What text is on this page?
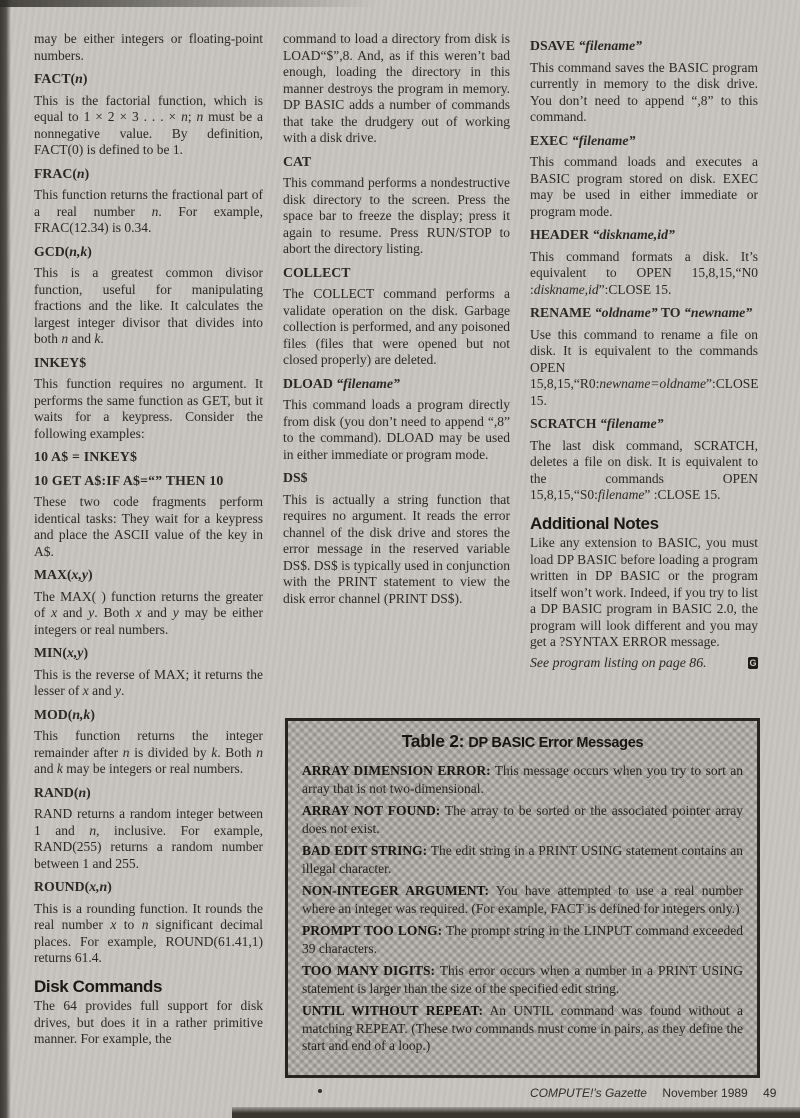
may be either integers or floating-point numbers.

FACT(n)

This is the factorial function, which is equal to 1 × 2 × 3 . . . × n; n must be a nonnegative value. By definition, FACT(0) is defined to be 1.

FRAC(n)

This function returns the fractional part of a real number n. For example, FRAC(12.34) is 0.34.

GCD(n,k)

This is a greatest common divisor function, useful for manipulating fractions and the like. It calculates the largest integer divisor that divides into both n and k.

INKEY$

This function requires no argument. It performs the same function as GET, but it waits for a keypress. Consider the following examples:

10 A$ = INKEY$

10 GET A$:IF A$=“” THEN 10

These two code fragments perform identical tasks: They wait for a keypress and place the ASCII value of the key in A$.

MAX(x,y)

The MAX( ) function returns the greater of x and y. Both x and y may be either integers or real numbers.

MIN(x,y)

This is the reverse of MAX; it returns the lesser of x and y.

MOD(n,k)

This function returns the integer remainder after n is divided by k. Both n and k may be integers or real numbers.

RAND(n)

RAND returns a random integer between 1 and n, inclusive. For example, RAND(255) returns a random number between 1 and 255.

ROUND(x,n)

This is a rounding function. It rounds the real number x to n significant decimal places. For example, ROUND(61.41,1) returns 61.4.

Disk Commands

The 64 provides full support for disk drives, but does it in a rather primitive manner. For example, the

command to load a directory from disk is LOAD“$”,8. And, as if this weren’t bad enough, loading the directory in this manner destroys the program in memory. DP BASIC adds a number of commands that take the drudgery out of working with a disk drive.

CAT

This command performs a nondestructive disk directory to the screen. Press the space bar to freeze the display; press it again to resume. Press RUN/STOP to abort the directory listing.

COLLECT

The COLLECT command performs a validate operation on the disk. Garbage collection is performed, and any poisoned files (files that were opened but not closed properly) are deleted.

DLOAD “filename”

This command loads a program directly from disk (you don’t need to append “,8” to the command). DLOAD may be used in either immediate or program mode.

DS$

This is actually a string function that requires no argument. It reads the error channel of the disk drive and stores the error message in the reserved variable DS$. DS$ is typically used in conjunction with the PRINT statement to view the disk error channel (PRINT DS$).

DSAVE “filename”

This command saves the BASIC program currently in memory to the disk drive. You don’t need to append “,8” to this command.

EXEC “filename”

This command loads and executes a BASIC program stored on disk. EXEC may be used in either immediate or program mode.

HEADER “diskname,id”

This command formats a disk. It’s equivalent to OPEN 15,8,15,“N0 :diskname,id”:CLOSE 15.

RENAME “oldname” TO “newname”

Use this command to rename a file on disk. It is equivalent to the commands OPEN 15,8,15,“R0:newname=oldname”:CLOSE 15.

SCRATCH “filename”

The last disk command, SCRATCH, deletes a file on disk. It is equivalent to the commands OPEN 15,8,15,“S0:filename” :CLOSE 15.

Additional Notes

Like any extension to BASIC, you must load DP BASIC before loading a program written in DP BASIC or the program itself won’t work. Indeed, if you try to list a DP BASIC program in BASIC 2.0, the program will look different and you may get a ?SYNTAX ERROR message.

See program listing on page 86.	G

Table 2: DP BASIC Error Messages

ARRAY DIMENSION ERROR: This message occurs when you try to sort an array that is not two-dimensional.

ARRAY NOT FOUND: The array to be sorted or the associated pointer array does not exist.

BAD EDIT STRING: The edit string in a PRINT USING statement contains an illegal character.

NON-INTEGER ARGUMENT: You have attempted to use a real number where an integer was required. (For example, FACT is defined for integers only.)

PROMPT TOO LONG: The prompt string in the LINPUT command exceeded 39 characters.

TOO MANY DIGITS: This error occurs when a number in a PRINT USING statement is larger than the size of the specified edit string.

UNTIL WITHOUT REPEAT: An UNTIL command was found without a matching REPEAT. (These two commands must come in pairs, as they define the start and end of a loop.)

COMPUTE!'s Gazette November 1989 49
